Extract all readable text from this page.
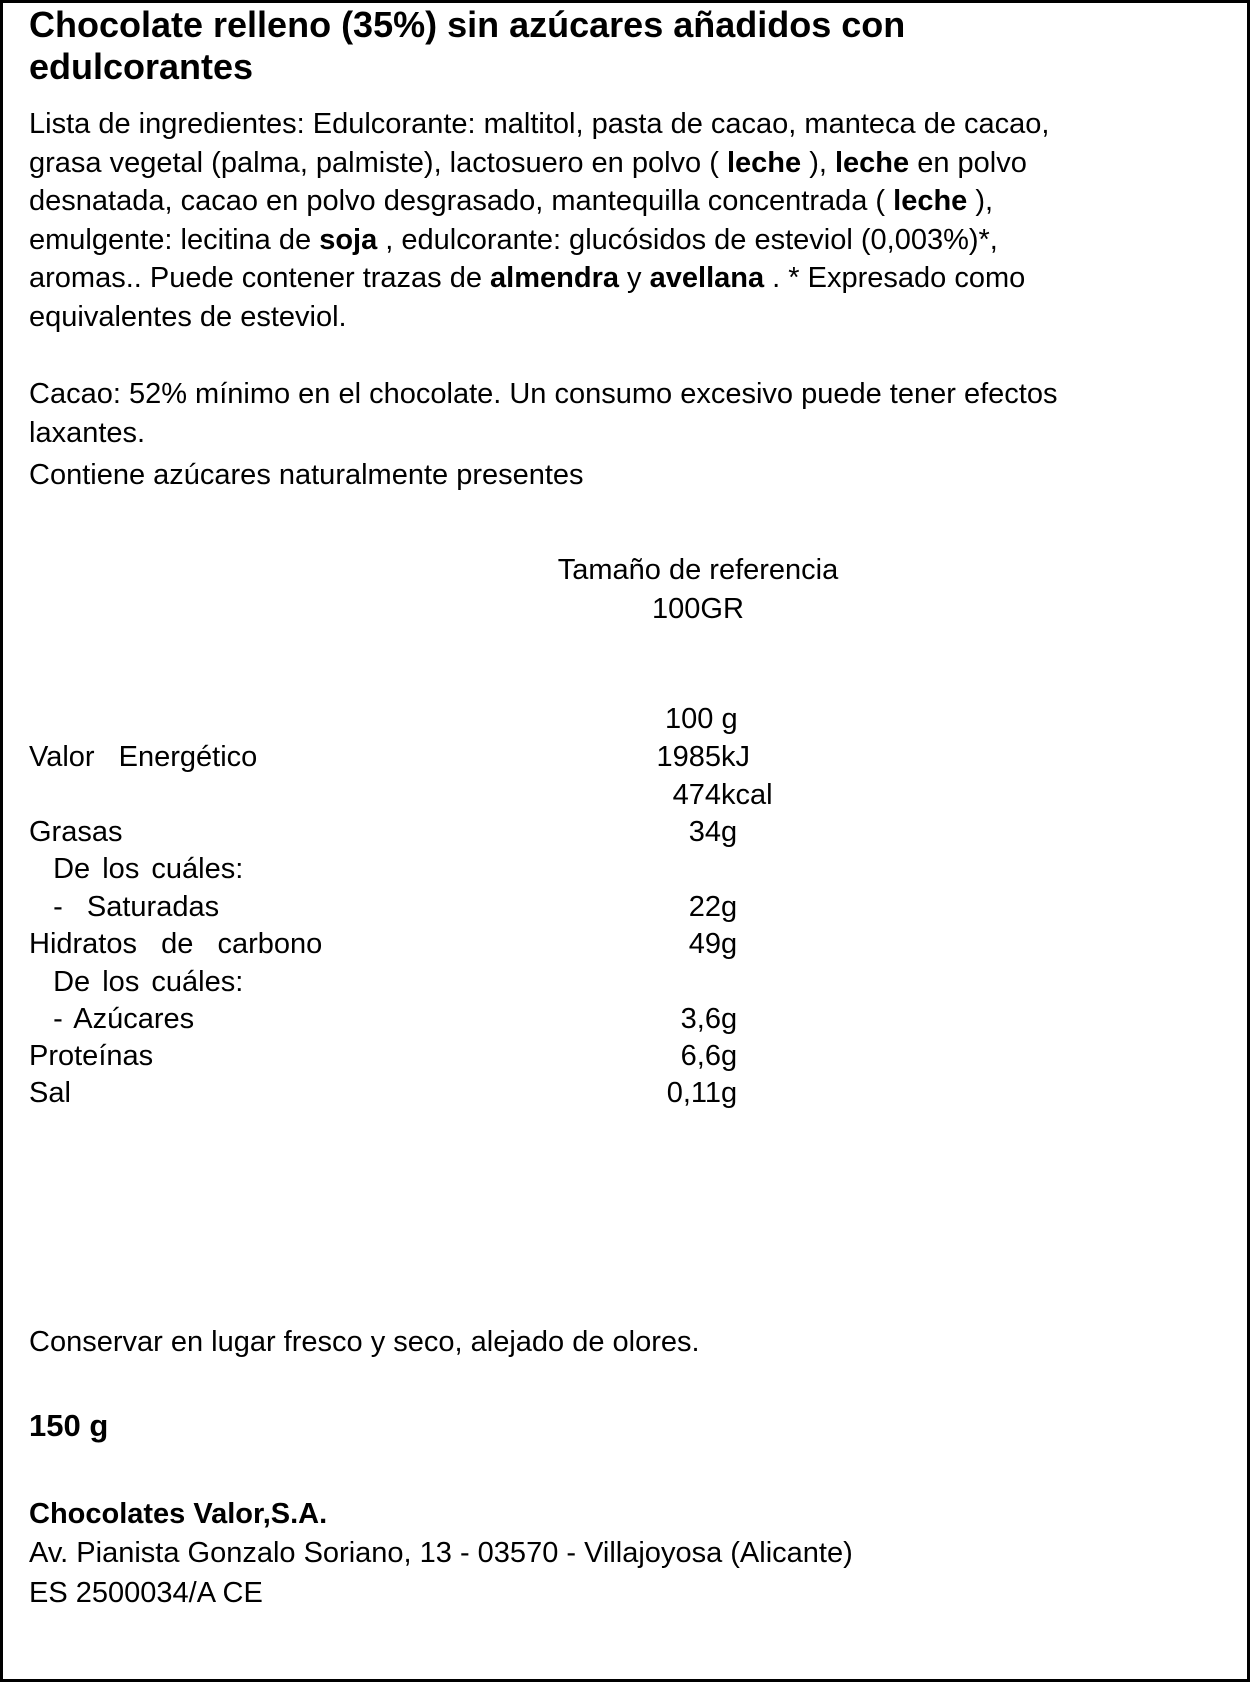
Chocolate relleno (35%) sin azúcares añadidos con
edulcorantes
Lista de ingredientes: Edulcorante: maltitol, pasta de cacao, manteca de cacao,
grasa vegetal (palma, palmiste), lactosuero en polvo ( leche ), leche en polvo
desnatada, cacao en polvo desgrasado, mantequilla concentrada ( leche ),
emulgente: lecitina de soja , edulcorante: glucósidos de esteviol (0,003%)*,
aromas.. Puede contener trazas de almendra y avellana . * Expresado como
equivalentes de esteviol.
Cacao: 52% mínimo en el chocolate. Un consumo excesivo puede tener efectos
laxantes.
Contiene azúcares naturalmente presentes
Tamaño de referencia
100GR
100 g
Valor  Energético	1985 kJ
474 kcal
Grasas	34 g
De los cuáles:
-  Saturadas	22 g
Hidratos  de  carbono	49 g
De los cuáles:
- Azúcares	3,6 g
Proteínas	6,6 g
Sal	0,11 g
Conservar en lugar fresco y seco, alejado de olores.
150 g
Chocolates Valor,S.A.
Av. Pianista Gonzalo Soriano, 13 - 03570 - Villajoyosa (Alicante)
ES 2500034/A CE
